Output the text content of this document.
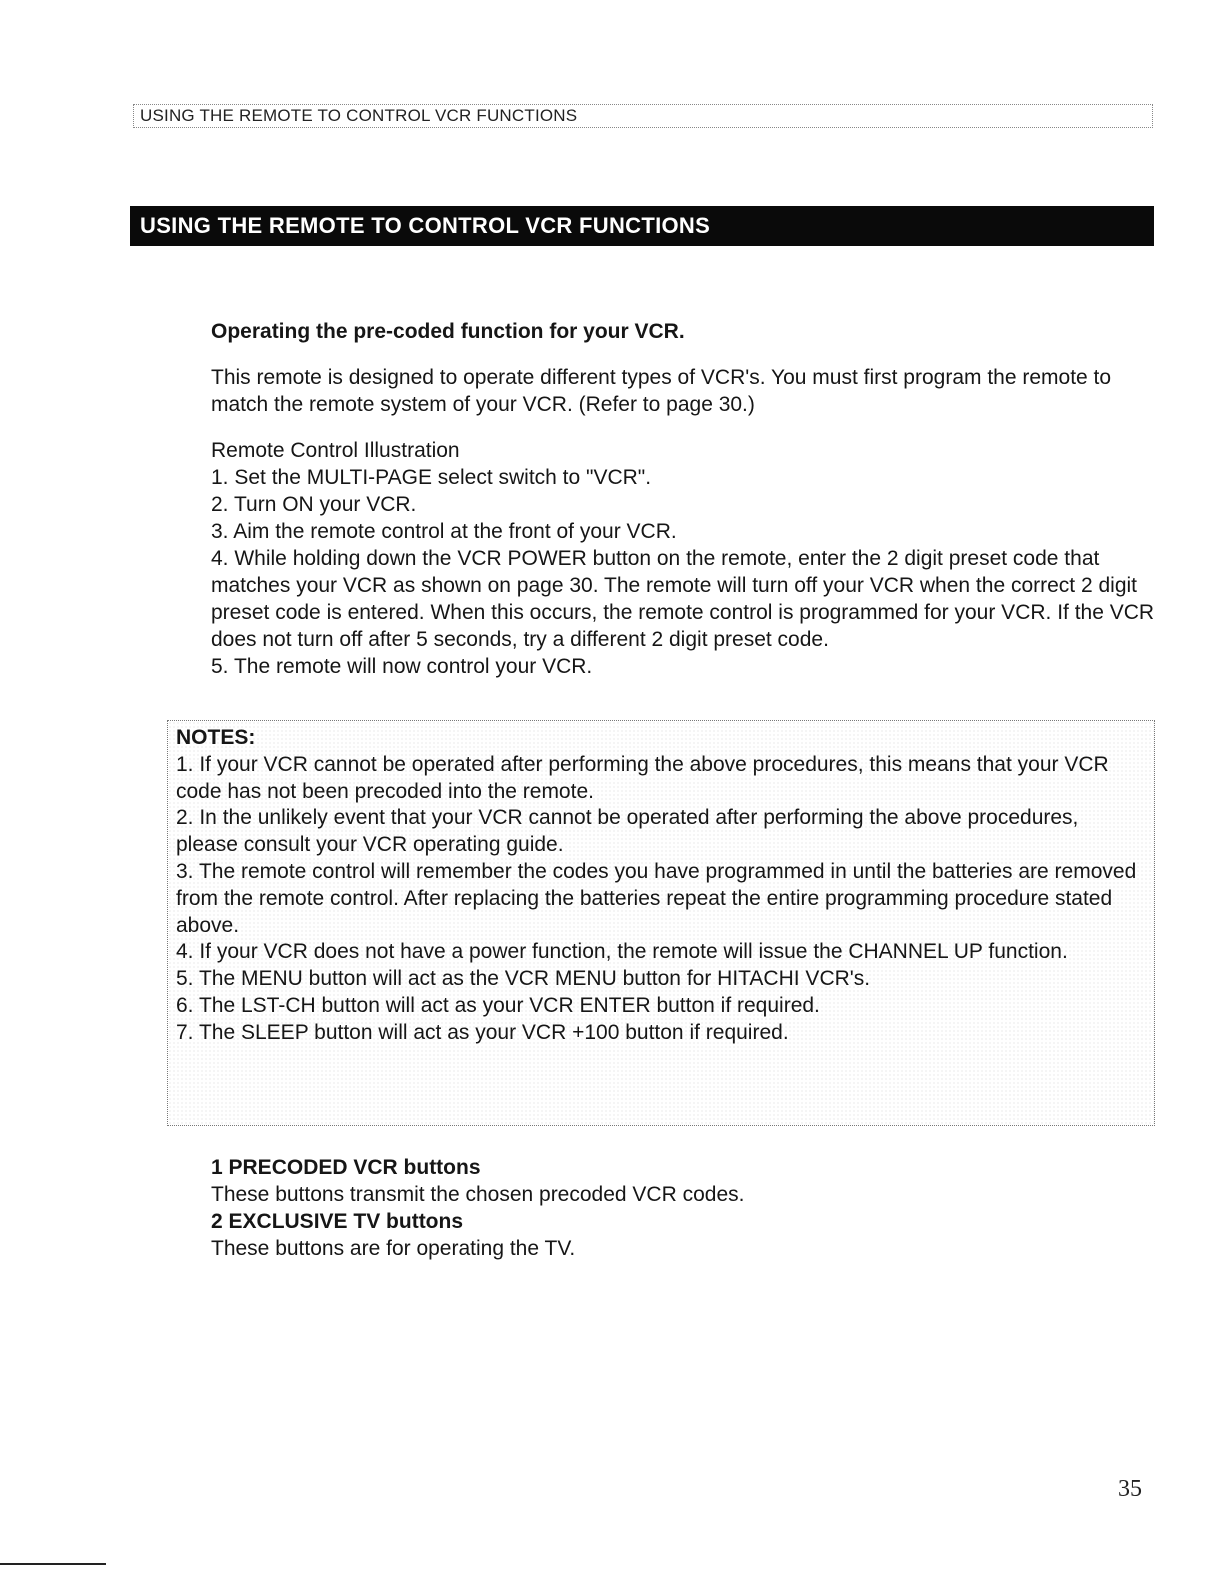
USING THE REMOTE TO CONTROL VCR FUNCTIONS
USING THE REMOTE TO CONTROL VCR FUNCTIONS
Operating the pre-coded function for your VCR.

This remote is designed to operate different types of VCR's. You must first program the remote to match the remote system of your VCR. (Refer to page 30.)

Remote Control Illustration
1. Set the MULTI-PAGE select switch to "VCR".
2. Turn ON your VCR.
3. Aim the remote control at the front of your VCR.
4. While holding down the VCR POWER button on the remote, enter the 2 digit preset code that matches your VCR as shown on page 30. The remote will turn off your VCR when the correct 2 digit preset code is entered. When this occurs, the remote control is programmed for your VCR. If the VCR does not turn off after 5 seconds, try a different 2 digit preset code.
5. The remote will now control your VCR.
NOTES:
1. If your VCR cannot be operated after performing the above procedures, this means that your VCR code has not been precoded into the remote.
2. In the unlikely event that your VCR cannot be operated after performing the above procedures, please consult your VCR operating guide.
3. The remote control will remember the codes you have programmed in until the batteries are removed from the remote control. After replacing the batteries repeat the entire programming procedure stated above.
4. If your VCR does not have a power function, the remote will issue the CHANNEL UP function.
5. The MENU button will act as the VCR MENU button for HITACHI VCR's.
6. The LST-CH button will act as your VCR ENTER button if required.
7. The SLEEP button will act as your VCR +100 button if required.
1 PRECODED VCR buttons
These buttons transmit the chosen precoded VCR codes.
2 EXCLUSIVE TV buttons
These buttons are for operating the TV.
35
